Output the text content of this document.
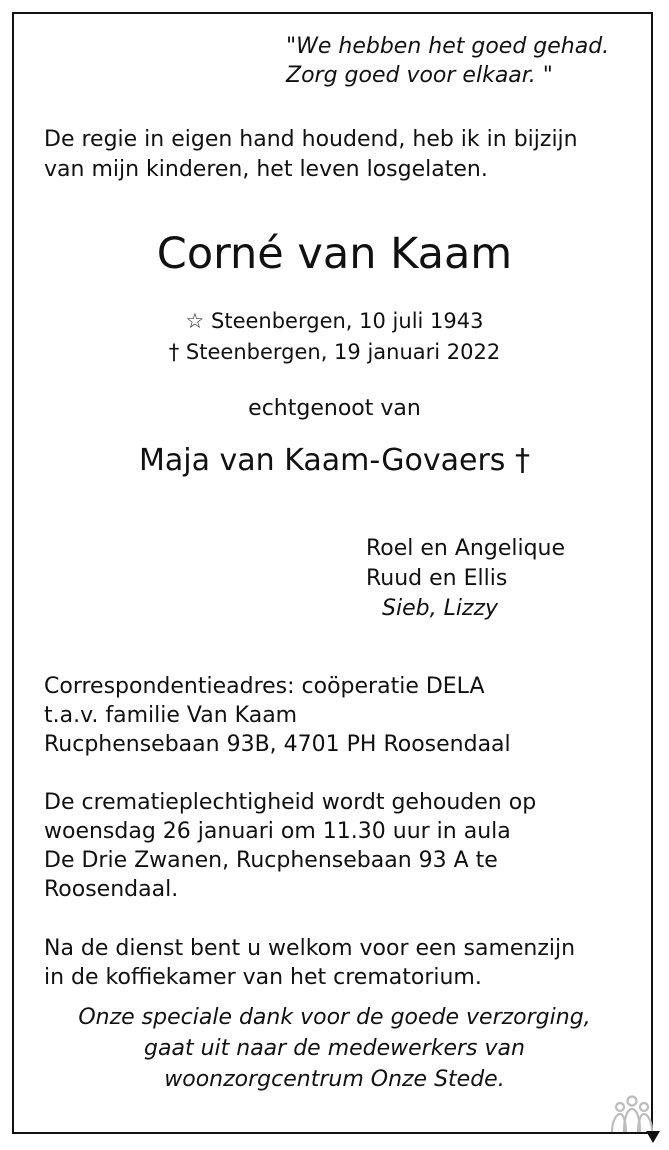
"We hebben het goed gehad.
Zorg goed voor elkaar. "

De regie in eigen hand houdend, heb ik in bijzijn
van mijn kinderen, het leven losgelaten.

Corné van Kaam
☆ Steenbergen, 10 juli 1943
† Steenbergen, 19 januari 2022

echtgenoot van

Maja van Kaam-Govaers †

Roel en Angelique
Ruud en Ellis
Sieb, Lizzy
Correspondentieadres: coöperatie DELA
t.a.v. familie Van Kaam
Rucphensebaan 93B, 4701 PH Roosendaal
De crematieplechtigheid wordt gehouden op
woensdag 26 januari om 11.30 uur in aula
De Drie Zwanen, Rucphensebaan 93 A te
Roosendaal.
Na de dienst bent u welkom voor een samenzijn
in de koffiekamer van het crematorium.
Onze speciale dank voor de goede verzorging,
gaat uit naar de medewerkers van
woonzorgcentrum Onze Stede.
